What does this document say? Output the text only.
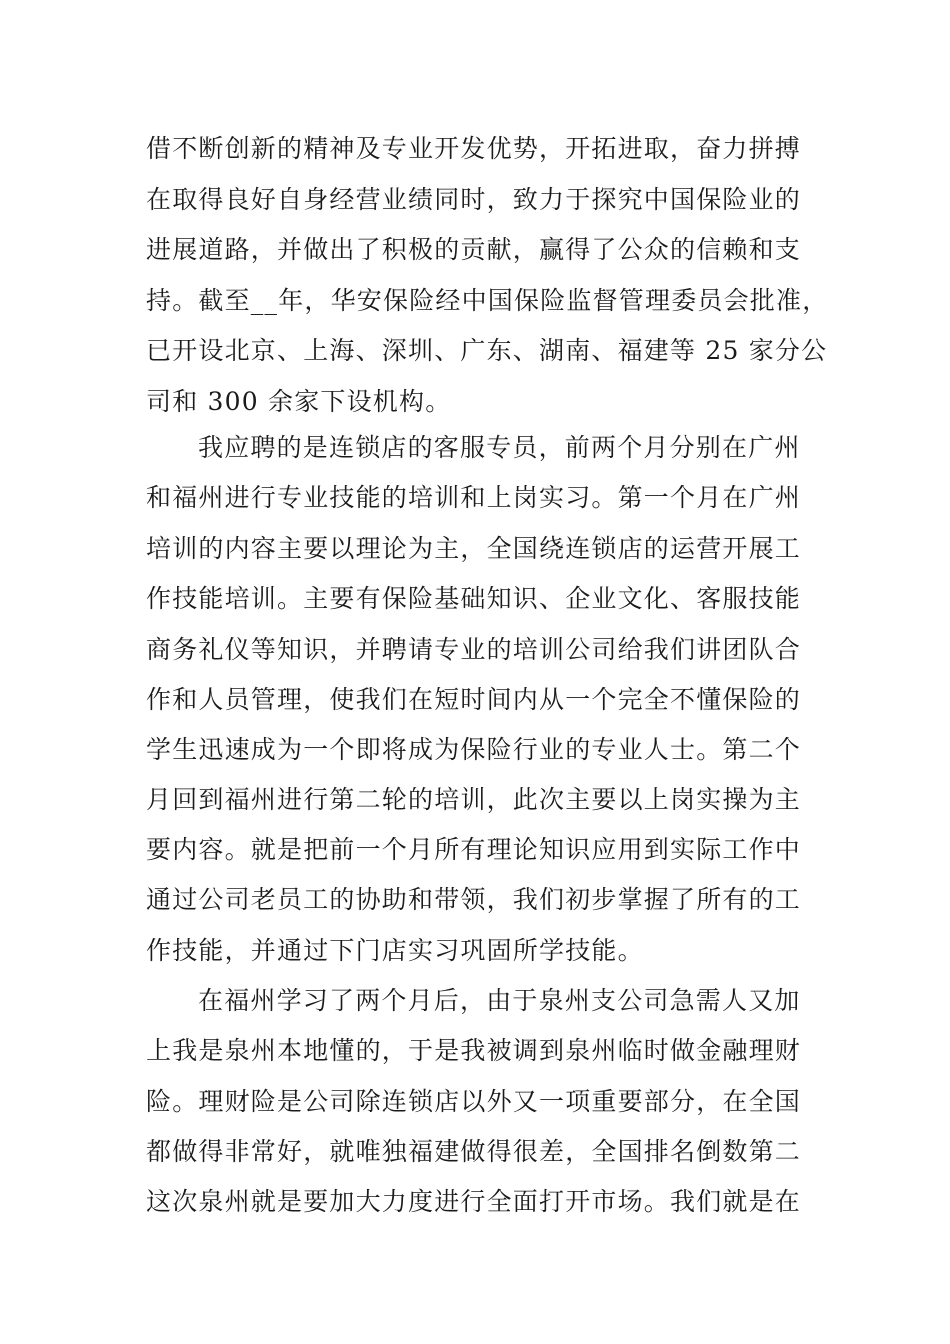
借不断创新的精神及专业开发优势，开拓进取，奋力拼搏

在取得良好自身经营业绩同时，致力于探究中国保险业的

进展道路，并做出了积极的贡献，赢得了公众的信赖和支

持。截至__年，华安保险经中国保险监督管理委员会批准，

已开设北京、上海、深圳、广东、湖南、福建等 25 家分公

司和 300 余家下设机构。

我应聘的是连锁店的客服专员，前两个月分别在广州

和福州进行专业技能的培训和上岗实习。第一个月在广州

培训的内容主要以理论为主，全国绕连锁店的运营开展工

作技能培训。主要有保险基础知识、企业文化、客服技能

商务礼仪等知识，并聘请专业的培训公司给我们讲团队合

作和人员管理，使我们在短时间内从一个完全不懂保险的

学生迅速成为一个即将成为保险行业的专业人士。第二个

月回到福州进行第二轮的培训，此次主要以上岗实操为主

要内容。就是把前一个月所有理论知识应用到实际工作中

通过公司老员工的协助和带领，我们初步掌握了所有的工

作技能，并通过下门店实习巩固所学技能。

在福州学习了两个月后，由于泉州支公司急需人又加

上我是泉州本地懂的，于是我被调到泉州临时做金融理财

险。理财险是公司除连锁店以外又一项重要部分，在全国

都做得非常好，就唯独福建做得很差，全国排名倒数第二

这次泉州就是要加大力度进行全面打开市场。我们就是在
